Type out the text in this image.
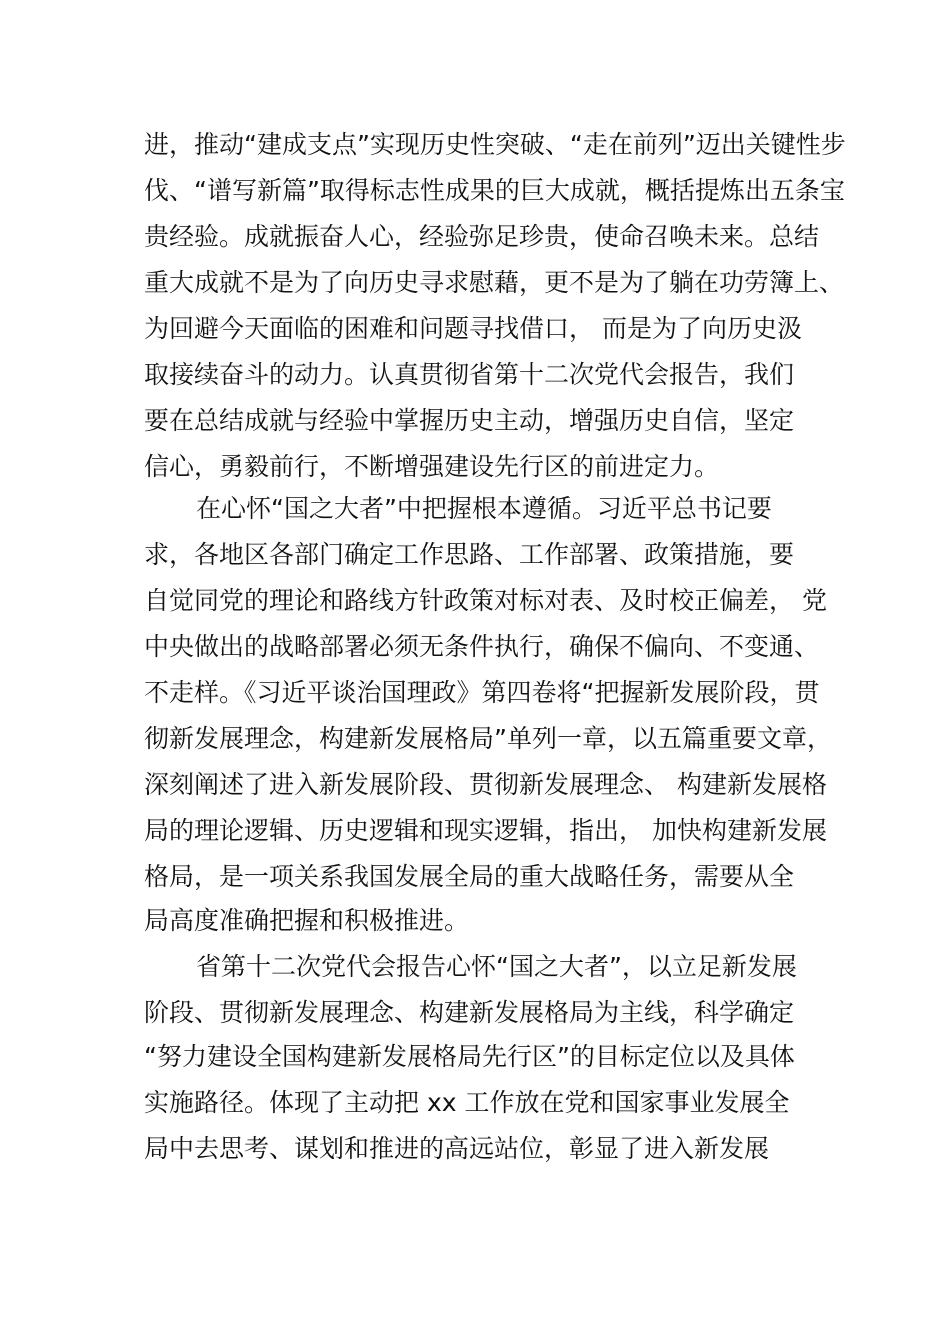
进，推动“建成支点”实现历史性突破、“走在前列”迈出关键性步
伐、“谱写新篇”取得标志性成果的巨大成就，概括提炼出五条宝
贵经验。成就振奋人心，经验弥足珍贵，使命召唤未来。总结
重大成就不是为了向历史寻求慰藉，更不是为了躺在功劳簿上、
为回避今天面临的困难和问题寻找借口， 而是为了向历史汲
取接续奋斗的动力。认真贯彻省第十二次党代会报告，我们
要在总结成就与经验中掌握历史主动，增强历史自信，坚定
信心，勇毅前行，不断增强建设先行区的前进定力。
在心怀“国之大者”中把握根本遵循。习近平总书记要
求，各地区各部门确定工作思路、工作部署、政策措施，要
自觉同党的理论和路线方针政策对标对表、及时校正偏差， 党
中央做出的战略部署必须无条件执行，确保不偏向、不变通、
不走样。《习近平谈治国理政》第四卷将“把握新发展阶段，贯
彻新发展理念，构建新发展格局”单列一章，以五篇重要文章，
深刻阐述了进入新发展阶段、贯彻新发展理念、 构建新发展格
局的理论逻辑、历史逻辑和现实逻辑，指出， 加快构建新发展
格局，是一项关系我国发展全局的重大战略任务，需要从全
局高度准确把握和积极推进。
省第十二次党代会报告心怀“国之大者”，以立足新发展
阶段、贯彻新发展理念、构建新发展格局为主线，科学确定
“努力建设全国构建新发展格局先行区”的目标定位以及具体
实施路径。体现了主动把 xx 工作放在党和国家事业发展全
局中去思考、谋划和推进的高远站位，彰显了进入新发展
